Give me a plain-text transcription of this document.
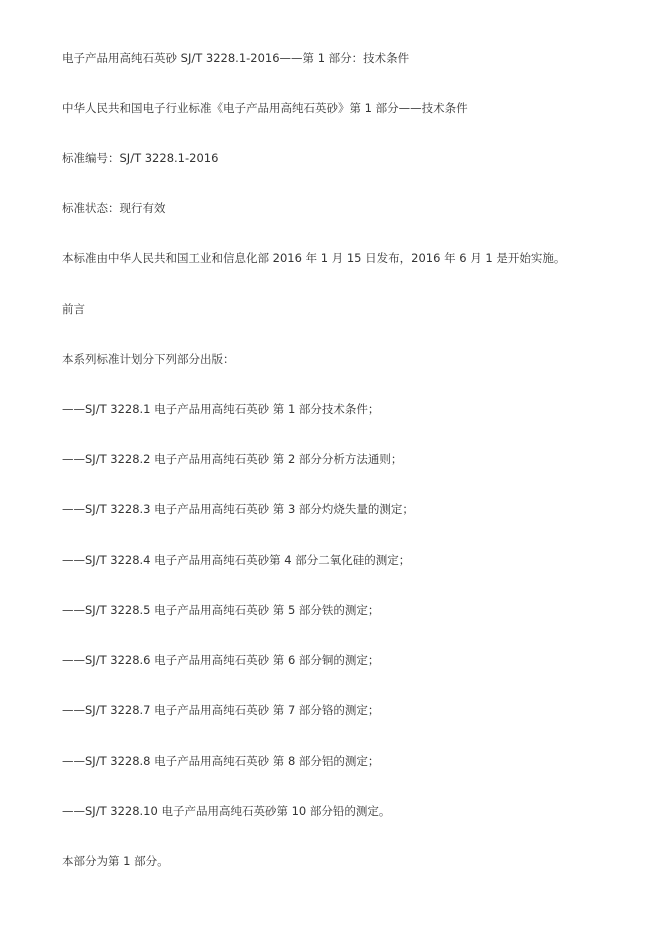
电子产品用高纯石英砂 SJ/T 3228.1-2016——第 1 部分：技术条件
中华人民共和国电子行业标准《电子产品用高纯石英砂》第 1 部分——技术条件
标准编号：SJ/T 3228.1-2016
标准状态：现行有效
本标准由中华人民共和国工业和信息化部 2016 年 1 月 15 日发布，2016 年 6 月 1 是开始实施。
前言
本系列标准计划分下列部分出版：
——SJ/T 3228.1 电子产品用高纯石英砂 第 1 部分技术条件；
——SJ/T 3228.2 电子产品用高纯石英砂 第 2 部分分析方法通则；
——SJ/T 3228.3 电子产品用高纯石英砂 第 3 部分灼烧失量的测定；
——SJ/T 3228.4 电子产品用高纯石英砂第 4 部分二氧化硅的测定；
——SJ/T 3228.5 电子产品用高纯石英砂 第 5 部分铁的测定；
——SJ/T 3228.6 电子产品用高纯石英砂 第 6 部分铜的测定；
——SJ/T 3228.7 电子产品用高纯石英砂 第 7 部分铬的测定；
——SJ/T 3228.8 电子产品用高纯石英砂 第 8 部分铝的测定；
——SJ/T 3228.10 电子产品用高纯石英砂第 10 部分铅的测定。
本部分为第 1 部分。
